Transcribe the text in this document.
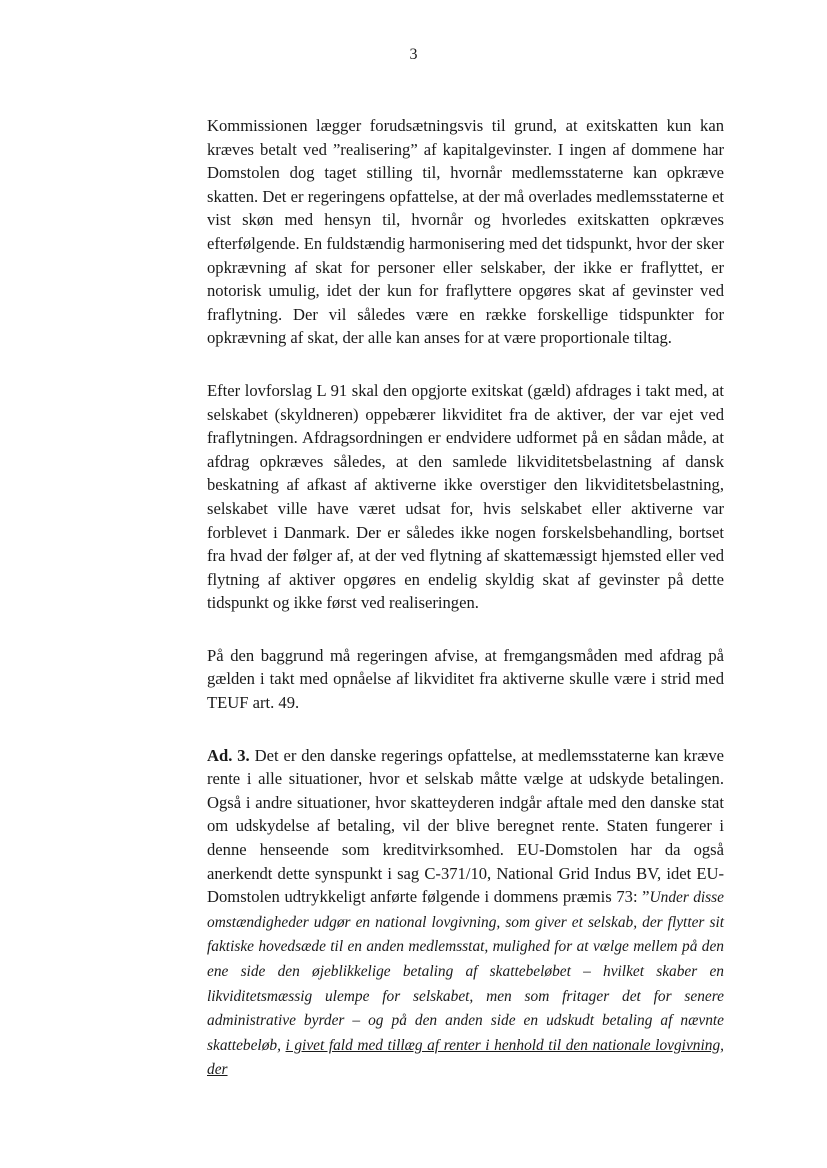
3

Kommissionen lægger forudsætningsvis til grund, at exitskatten kun kan kræves betalt ved ”realisering” af kapitalgevinster. I ingen af dommene har Domstolen dog taget stilling til, hvornår medlemsstaterne kan opkræve skatten. Det er regeringens opfattelse, at der må overlades medlemsstaterne et vist skøn med hensyn til, hvornår og hvorledes exitskatten opkræves efterfølgende. En fuldstændig harmonisering med det tidspunkt, hvor der sker opkrævning af skat for personer eller selskaber, der ikke er fraflyttet, er notorisk umulig, idet der kun for fraflyttere opgøres skat af gevinster ved fraflytning. Der vil således være en række forskellige tidspunkter for opkrævning af skat, der alle kan anses for at være proportionale tiltag.

Efter lovforslag L 91 skal den opgjorte exitskat (gæld) afdrages i takt med, at selskabet (skyldneren) oppebærer likviditet fra de aktiver, der var ejet ved fraflytningen. Afdragsordningen er endvidere udformet på en sådan måde, at afdrag opkræves således, at den samlede likviditetsbelastning af dansk beskatning af afkast af aktiverne ikke overstiger den likviditetsbelastning, selskabet ville have været udsat for, hvis selskabet eller aktiverne var forblevet i Danmark. Der er således ikke nogen forskelsbehandling, bortset fra hvad der følger af, at der ved flytning af skattemæssigt hjemsted eller ved flytning af aktiver opgøres en endelig skyldig skat af gevinster på dette tidspunkt og ikke først ved realiseringen.

På den baggrund må regeringen afvise, at fremgangsmåden med afdrag på gælden i takt med opnåelse af likviditet fra aktiverne skulle være i strid med TEUF art. 49.

Ad. 3. Det er den danske regerings opfattelse, at medlemsstaterne kan kræve rente i alle situationer, hvor et selskab måtte vælge at udskyde betalingen. Også i andre situationer, hvor skatteyderen indgår aftale med den danske stat om udskydelse af betaling, vil der blive beregnet rente. Staten fungerer i denne henseende som kreditvirksomhed. EU-Domstolen har da også anerkendt dette synspunkt i sag C-371/10, National Grid Indus BV, idet EU-Domstolen udtrykkeligt anførte følgende i dommens præmis 73: ”Under disse omstændigheder udgør en national lovgivning, som giver et selskab, der flytter sit faktiske hovedsæde til en anden medlemsstat, mulighed for at vælge mellem på den ene side den øjeblikkelige betaling af skattebeløbet – hvilket skaber en likviditetsmæssig ulempe for selskabet, men som fritager det for senere administrative byrder – og på den anden side en udskudt betaling af nævnte skattebeløb, i givet fald med tillæg af renter i henhold til den nationale lovgivning, der
